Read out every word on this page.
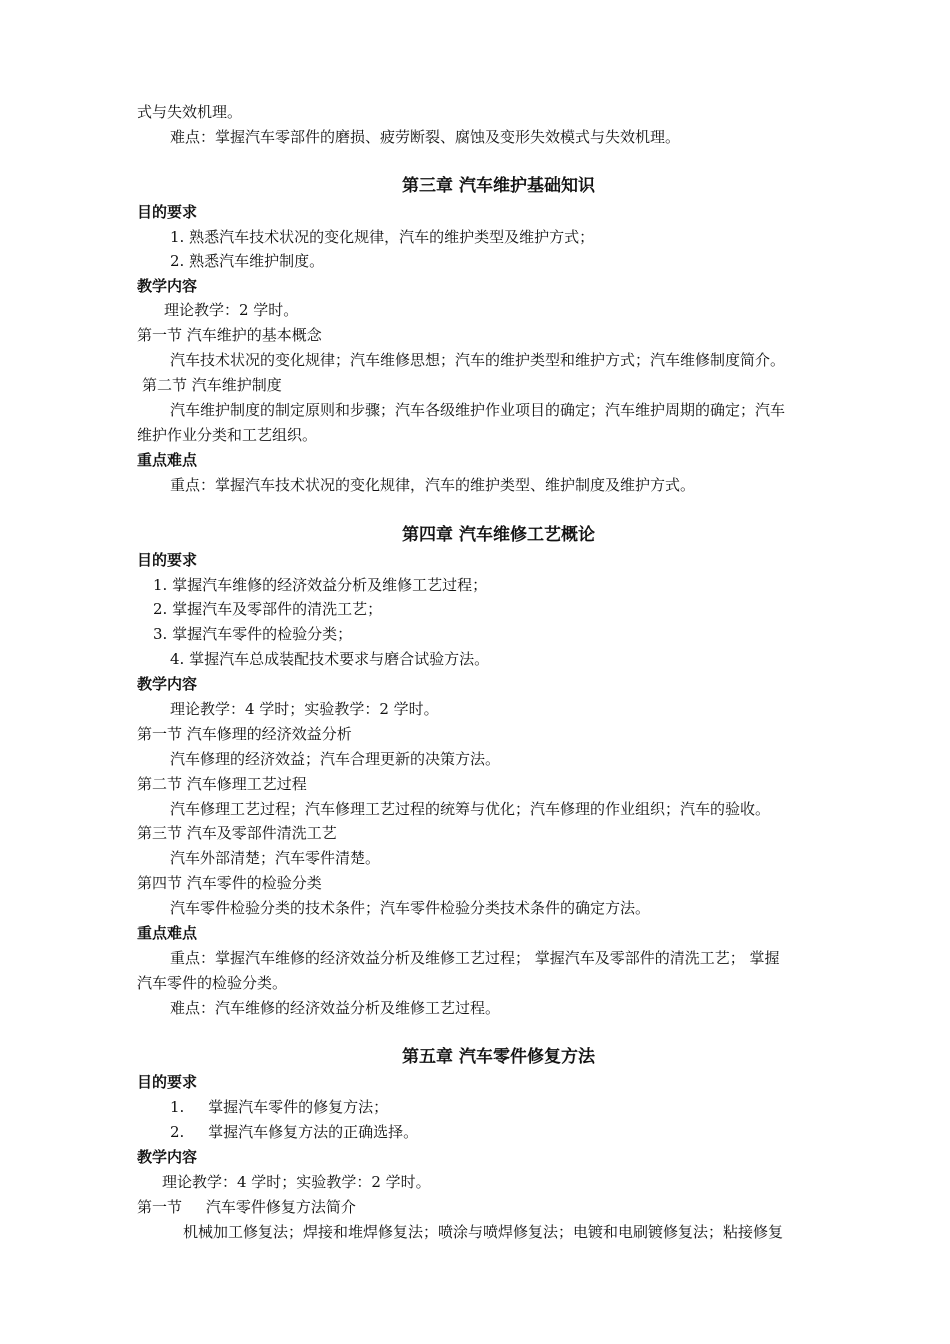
式与失效机理。
难点：掌握汽车零部件的磨损、疲劳断裂、腐蚀及变形失效模式与失效机理。
第三章 汽车维护基础知识
目的要求
1. 熟悉汽车技术状况的变化规律，汽车的维护类型及维护方式；
2. 熟悉汽车维护制度。
教学内容
理论教学：2 学时。
第一节 汽车维护的基本概念
汽车技术状况的变化规律；汽车维修思想；汽车的维护类型和维护方式；汽车维修制度简介。
第二节 汽车维护制度
汽车维护制度的制定原则和步骤；汽车各级维护作业项目的确定；汽车维护周期的确定；汽车
维护作业分类和工艺组织。
重点难点
重点：掌握汽车技术状况的变化规律，汽车的维护类型、维护制度及维护方式。
第四章 汽车维修工艺概论
目的要求
1. 掌握汽车维修的经济效益分析及维修工艺过程；
2. 掌握汽车及零部件的清洗工艺；
3. 掌握汽车零件的检验分类；
4. 掌握汽车总成装配技术要求与磨合试验方法。
教学内容
理论教学：4 学时；实验教学：2 学时。
第一节 汽车修理的经济效益分析
汽车修理的经济效益；汽车合理更新的决策方法。
第二节 汽车修理工艺过程
汽车修理工艺过程；汽车修理工艺过程的统筹与优化；汽车修理的作业组织；汽车的验收。
第三节 汽车及零部件清洗工艺
汽车外部清楚；汽车零件清楚。
第四节 汽车零件的检验分类
汽车零件检验分类的技术条件；汽车零件检验分类技术条件的确定方法。
重点难点
重点：掌握汽车维修的经济效益分析及维修工艺过程； 掌握汽车及零部件的清洗工艺； 掌握
汽车零件的检验分类。
难点：汽车维修的经济效益分析及维修工艺过程。
第五章 汽车零件修复方法
目的要求
1.     掌握汽车零件的修复方法；
2.     掌握汽车修复方法的正确选择。
教学内容
理论教学：4 学时；实验教学：2 学时。
第一节     汽车零件修复方法简介
机械加工修复法；焊接和堆焊修复法；喷涂与喷焊修复法；电镀和电刷镀修复法；粘接修复
